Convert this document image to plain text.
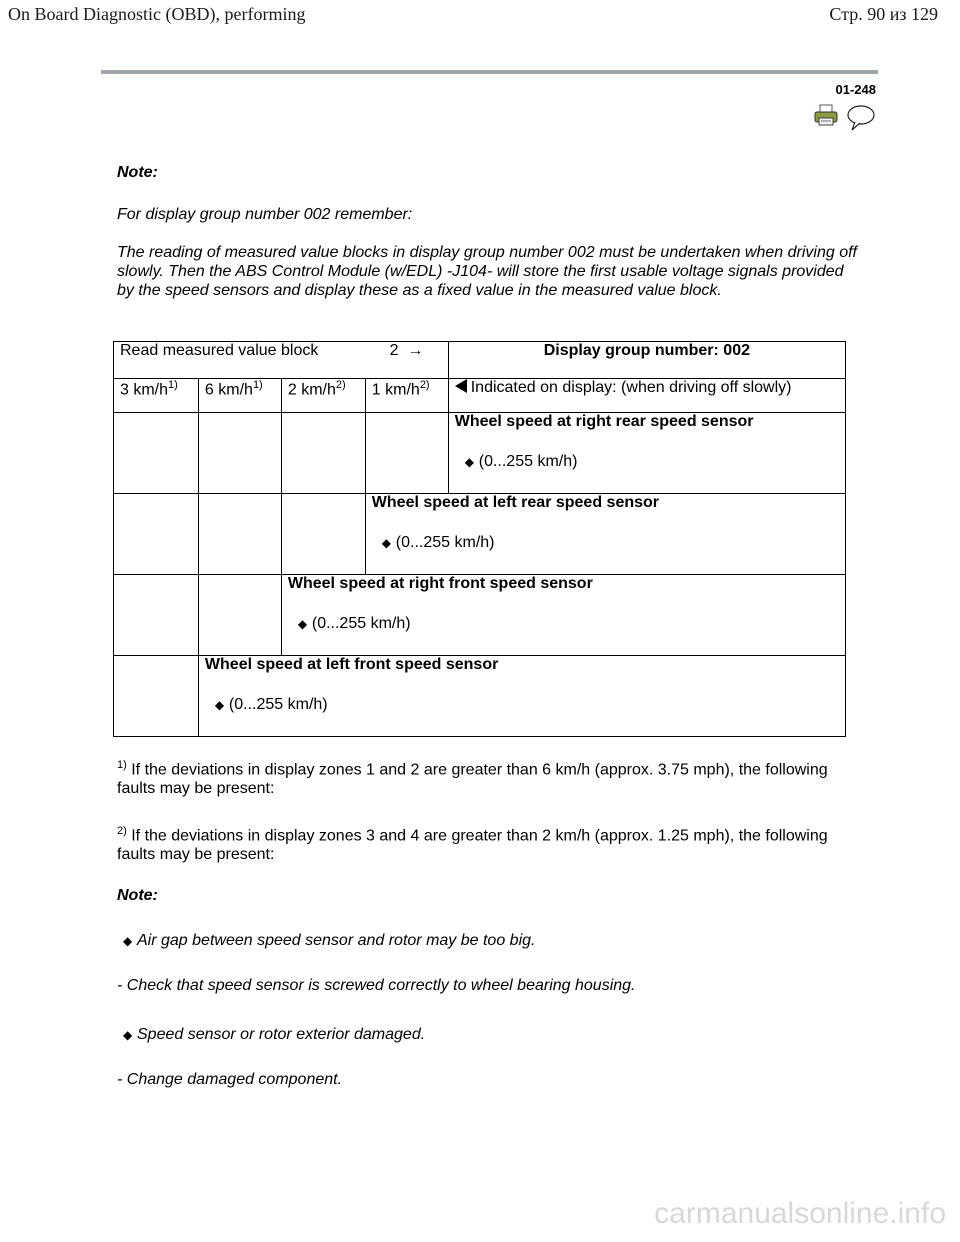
On Board Diagnostic (OBD), performing	Стр. 90 из 129
01-248
Note:
For display group number 002 remember:
The reading of measured value blocks in display group number 002 must be undertaken when driving off slowly. Then the ABS Control Module (w/EDL) -J104- will store the first usable voltage signals provided by the speed sensors and display these as a fixed value in the measured value block.
Read measured value block			2  →	Display group number: 002
3 $km/h^{1)}$	6 $km/h^{1)}$	2 $km/h^{2)}$	1 $km/h^{2)}$	Indicated on display: (when driving off slowly)

				Wheel speed at right rear speed sensor
◆ (0...255 km/h)

			Wheel speed at left rear speed sensor
◆ (0...255 km/h)	

		Wheel speed at right front speed sensor
◆ (0...255 km/h)		

	Wheel speed at left front speed sensor
◆ (0...255 km/h)			
$^{1)}$ If the deviations in display zones 1 and 2 are greater than 6 km/h (approx. 3.75 mph), the following faults may be present:
$^{2)}$ If the deviations in display zones 3 and 4 are greater than 2 km/h (approx. 1.25 mph), the following faults may be present:
Note:
◆ Air gap between speed sensor and rotor may be too big.
- Check that speed sensor is screwed correctly to wheel bearing housing.
◆ Speed sensor or rotor exterior damaged.
- Change damaged component.
carmanualsonline.info
